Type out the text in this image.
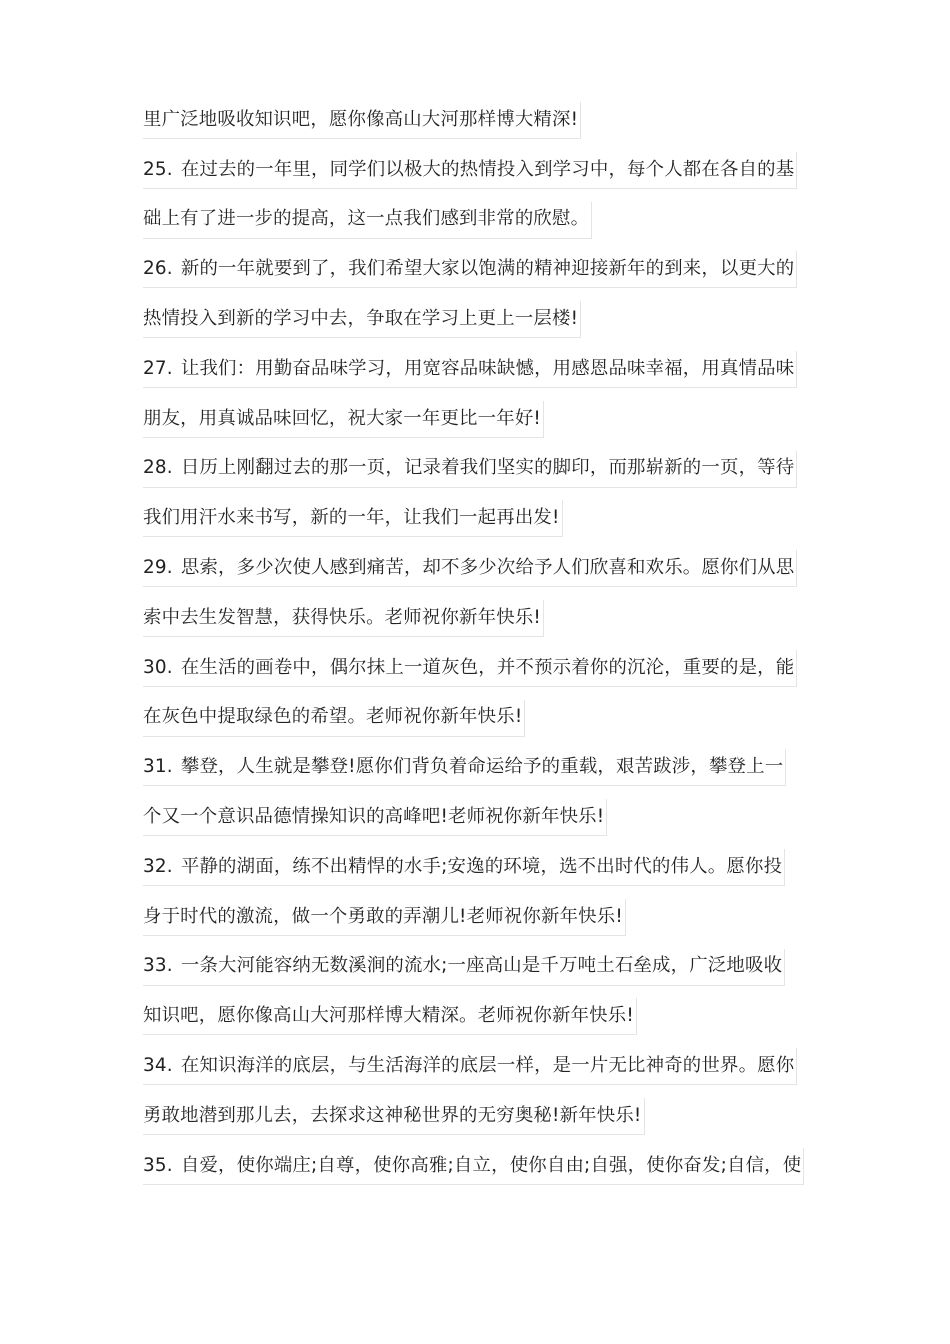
里广泛地吸收知识吧，愿你像高山大河那样博大精深!
25. 在过去的一年里，同学们以极大的热情投入到学习中，每个人都在各自的基
础上有了进一步的提高，这一点我们感到非常的欣慰。
26. 新的一年就要到了，我们希望大家以饱满的精神迎接新年的到来，以更大的
热情投入到新的学习中去，争取在学习上更上一层楼!
27. 让我们：用勤奋品味学习，用宽容品味缺憾，用感恩品味幸福，用真情品味
朋友，用真诚品味回忆，祝大家一年更比一年好!
28. 日历上刚翻过去的那一页，记录着我们坚实的脚印，而那崭新的一页，等待
我们用汗水来书写，新的一年，让我们一起再出发!
29. 思索，多少次使人感到痛苦，却不多少次给予人们欣喜和欢乐。愿你们从思
索中去生发智慧，获得快乐。老师祝你新年快乐!
30. 在生活的画卷中，偶尔抹上一道灰色，并不预示着你的沉沦，重要的是，能
在灰色中提取绿色的希望。老师祝你新年快乐!
31. 攀登，人生就是攀登!愿你们背负着命运给予的重载，艰苦跋涉，攀登上一
个又一个意识品德情操知识的高峰吧!老师祝你新年快乐!
32. 平静的湖面，练不出精悍的水手;安逸的环境，选不出时代的伟人。愿你投
身于时代的激流，做一个勇敢的弄潮儿!老师祝你新年快乐!
33. 一条大河能容纳无数溪涧的流水;一座高山是千万吨土石垒成，广泛地吸收
知识吧，愿你像高山大河那样博大精深。老师祝你新年快乐!
34. 在知识海洋的底层，与生活海洋的底层一样，是一片无比神奇的世界。愿你
勇敢地潜到那儿去，去探求这神秘世界的无穷奥秘!新年快乐!
35. 自爱，使你端庄;自尊，使你高雅;自立，使你自由;自强，使你奋发;自信，使
